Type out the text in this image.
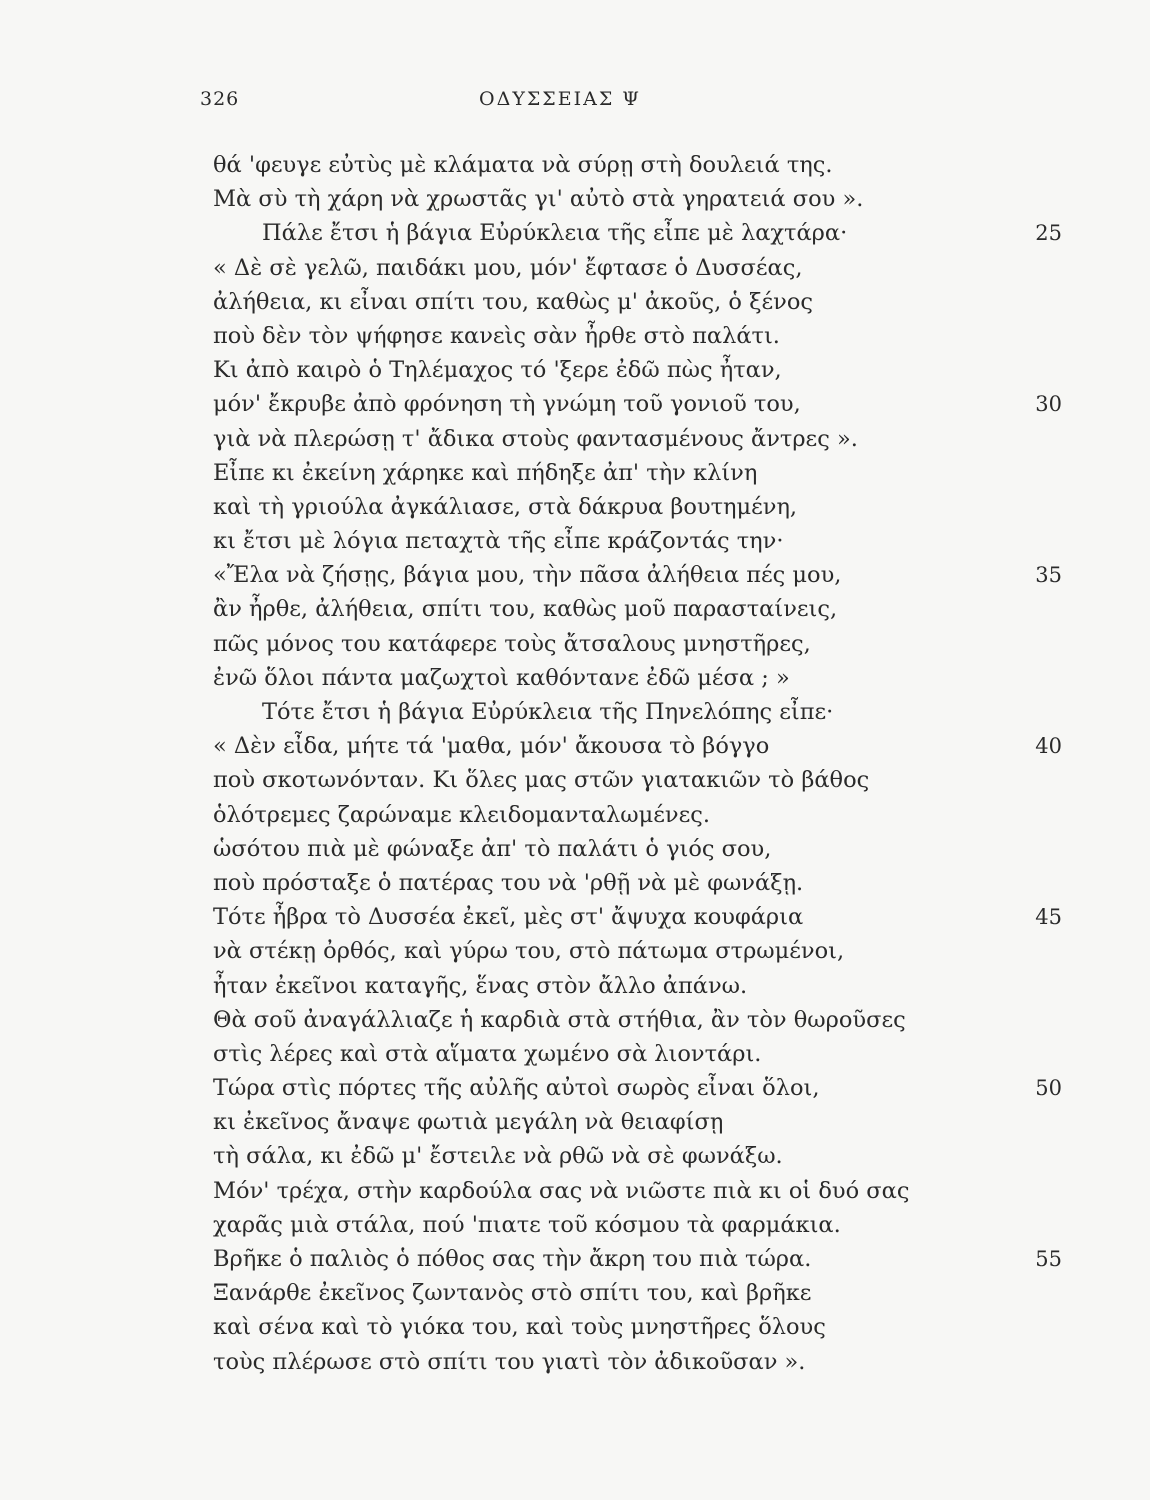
326	ΟΔΥΣΣΕΙΑΣ Ψ
θά 'φευγε εὐτὺς μὲ κλάματα νὰ σύρῃ στὴ δουλειά της.
Μὰ σὺ τὴ χάρη νὰ χρωστᾶς γι' αὐτὸ στὰ γηρατειά σου ».
Πάλε ἔτσι ἡ βάγια Εὐρύκλεια τῆς εἶπε μὲ λαχτάρα·	25
« Δὲ σὲ γελῶ, παιδάκι μου, μόν' ἔφτασε ὁ Δυσσέας,
ἀλήθεια, κι εἶναι σπίτι του, καθὼς μ' ἀκοῦς, ὁ ξένος
ποὺ δὲν τὸν ψήφησε κανεὶς σὰν ἦρθε στὸ παλάτι.
Κι ἀπὸ καιρὸ ὁ Τηλέμαχος τό 'ξερε ἐδῶ πὼς ἦταν,
μόν' ἔκρυβε ἀπὸ φρόνηση τὴ γνώμη τοῦ γονιοῦ του,	30
γιὰ νὰ πλερώσῃ τ' ἄδικα στοὺς φαντασμένους ἄντρες ».
Εἶπε κι ἐκείνη χάρηκε καὶ πήδηξε ἀπ' τὴν κλίνη
καὶ τὴ γριούλα ἀγκάλιασε, στὰ δάκρυα βουτημένη,
κι ἔτσι μὲ λόγια πεταχτὰ τῆς εἶπε κράζοντάς την·
«Ἔλα νὰ ζήσῃς, βάγια μου, τὴν πᾶσα ἀλήθεια πές μου,	35
ἂν ἦρθε, ἀλήθεια, σπίτι του, καθὼς μοῦ παρασταίνεις,
πῶς μόνος του κατάφερε τοὺς ἄτσαλους μνηστῆρες,
ἐνῶ ὅλοι πάντα μαζωχτοὶ καθόντανε ἐδῶ μέσα ; »
Τότε ἔτσι ἡ βάγια Εὐρύκλεια τῆς Πηνελόπης εἶπε·
« Δὲν εἶδα, μήτε τά 'μαθα, μόν' ἄκουσα τὸ βόγγο	40
ποὺ σκοτωνόνταν. Κι ὅλες μας στῶν γιατακιῶν τὸ βάθος
ὁλότρεμες ζαρώναμε κλειδομανταλωμένες.
ὡσότου πιὰ μὲ φώναξε ἀπ' τὸ παλάτι ὁ γιός σου,
ποὺ πρόσταξε ὁ πατέρας του νὰ 'ρθῇ νὰ μὲ φωνάξῃ.
Τότε ἦβρα τὸ Δυσσέα ἐκεῖ, μὲς στ' ἄψυχα κουφάρια	45
νὰ στέκῃ ὀρθός, καὶ γύρω του, στὸ πάτωμα στρωμένοι,
ἦταν ἐκεῖνοι καταγῆς, ἕνας στὸν ἄλλο ἀπάνω.
Θὰ σοῦ ἀναγάλλιαζε ἡ καρδιὰ στὰ στήθια, ἂν τὸν θωροῦσες
στὶς λέρες καὶ στὰ αἵματα χωμένο σὰ λιοντάρι.
Τώρα στὶς πόρτες τῆς αὐλῆς αὐτοὶ σωρὸς εἶναι ὅλοι,	50
κι ἐκεῖνος ἄναψε φωτιὰ μεγάλη νὰ θειαφίσῃ
τὴ σάλα, κι ἐδῶ μ' ἔστειλε νὰ ρθῶ νὰ σὲ φωνάξω.
Μόν' τρέχα, στὴν καρδούλα σας νὰ νιῶστε πιὰ κι οἱ δυό σας
χαρᾶς μιὰ στάλα, πού 'πιατε τοῦ κόσμου τὰ φαρμάκια.
Βρῆκε ὁ παλιὸς ὁ πόθος σας τὴν ἄκρη του πιὰ τώρα.	55
Ξανάρθε ἐκεῖνος ζωντανὸς στὸ σπίτι του, καὶ βρῆκε
καὶ σένα καὶ τὸ γιόκα του, καὶ τοὺς μνηστῆρες ὅλους
τοὺς πλέρωσε στὸ σπίτι του γιατὶ τὸν ἀδικοῦσαν ».
